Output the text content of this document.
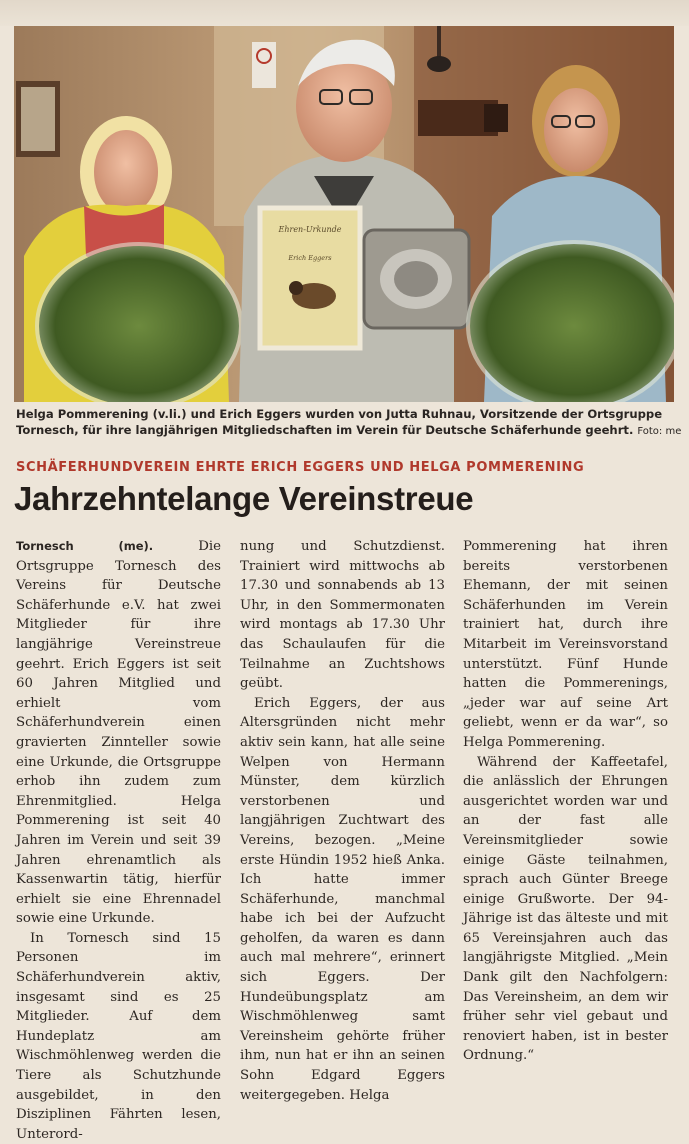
Ehren-Urkunde
Erich Eggers
Helga Pommerening (v.li.) und Erich Eggers wurden von Jutta Ruhnau, Vorsitzende der Ortsgruppe
Tornesch, für ihre langjährigen Mitgliedschaften im Verein für Deutsche Schäferhunde geehrt. Foto: me
SCHÄFERHUNDVEREIN EHRTE ERICH EGGERS UND HELGA POMMERENING
Jahrzehntelange Vereinstreue

Tornesch (me).	Die Ortsgruppe Tornesch des Vereins für Deutsche Schäferhunde e.V. hat zwei Mitglieder für ihre langjährige Vereinstreue geehrt. Erich Eggers ist seit 60 Jahren Mitglied und erhielt vom Schäferhundverein einen gravierten Zinnteller sowie eine Urkunde, die Ortsgruppe erhob ihn zudem zum Ehrenmitglied. Helga Pommerening ist seit 40 Jahren im Verein und seit 39 Jahren ehrenamtlich als Kassenwartin tätig, hierfür erhielt sie eine Ehrennadel sowie eine Urkunde.

In Tornesch sind 15 Personen im Schäferhundverein aktiv, insgesamt sind es 25 Mitglieder. Auf dem Hundeplatz am Wischmöhlenweg werden die Tiere als Schutzhunde ausgebildet, in den Disziplinen Fährten lesen, Unterord-

nung und Schutzdienst. Trainiert wird mittwochs ab 17.30 und sonnabends ab 13 Uhr, in den Sommermonaten wird montags ab 17.30 Uhr das Schaulaufen für die Teilnahme an Zuchtshows geübt.

Erich Eggers, der aus Altersgründen nicht mehr aktiv sein kann, hat alle seine Welpen von Hermann Münster, dem kürzlich verstorbenen und langjährigen Zuchtwart des Vereins, bezogen. „Meine erste Hündin 1952 hieß Anka. Ich hatte immer Schäferhunde, manchmal habe ich bei der Aufzucht geholfen, da waren es dann auch mal mehrere“, erinnert sich Eggers. Der Hundeübungsplatz am Wischmöhlenweg samt Vereinsheim gehörte früher ihm, nun hat er ihn an seinen Sohn Edgard Eggers weitergegeben. Helga

Pommerening hat ihren bereits verstorbenen Ehemann, der mit seinen Schäferhunden im Verein trainiert hat, durch ihre Mitarbeit im Vereinsvorstand unterstützt. Fünf Hunde hatten die Pommerenings, „jeder war auf seine Art geliebt, wenn er da war“, so Helga Pommerening.

Während der Kaffeetafel, die anlässlich der Ehrungen ausgerichtet worden war und an der fast alle Vereinsmitglieder sowie einige Gäste teilnahmen, sprach auch Günter Breege einige Grußworte. Der 94-Jährige ist das älteste und mit 65 Vereinsjahren auch das langjährigste Mitglied. „Mein Dank gilt den Nachfolgern: Das Vereinsheim, an dem wir früher sehr viel gebaut und renoviert haben, ist in bester Ordnung.“
